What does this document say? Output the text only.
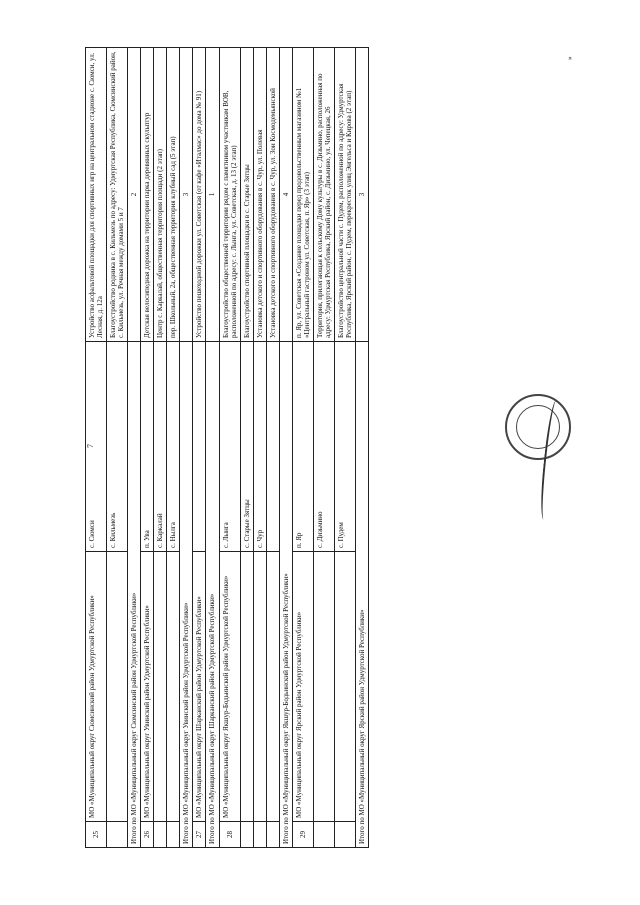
7
»
25	МО «Муниципальный округ Сюмсинский район Удмуртской Республики»	с. Сюмси	Устройство асфальтовой площадки для спортивных игр на центральном стадионе с. Сюмси, ул. Лесная, д. 12а
		с. Кильмезь	Благоустройство родника в с. Кильмезь по адресу: Удмуртская Республика, Сюмсинский район, с. Кильмезь, ул. Речная между домами 5 и 7
Итого по МО «Муниципальный округ Сюмсинский район Удмуртской Республики»			2
26	МО «Муниципальный округ Увинский район Удмуртской Республики»	п. Ува	Детская велосипедная дорожка на территории парка деревянных скульптур
		с. Каркалай	Центр с. Каркалай, общественная территория площади (2 этап)
		с. Нылга	пер. Школьный, 2а, общественная территория клубный сад (5 этап)
Итого по МО «Муниципальный округ Увинский район Удмуртской Республики»			3
27	МО «Муниципальный округ Шарканский район Удмуртской Республики»		Устройство пешеходной дорожки ул. Советская (от кафе «Италмас» до дома № 91)
Итого по МО «Муниципальный округ Шарканский район Удмуртской Республики»			1
28	МО «Муниципальный округ Якшур-Бодьинский район Удмуртской Республики»	с. Лынга	Благоустройство общественной территории рядом с памятником участникам ВОВ, расположенной по адресу: с. Лынга, ул. Советская, д. 13 (2 этап)
		с. Старые Зятцы	Благоустройство спортивной площадки в с. Старые Зятцы
		с. Чур	Установка детского и спортивного оборудования в с. Чур, ул. Полевая
			Установка детского и спортивного оборудования в с. Чур, ул. Зои Космодемьянской
Итого по МО «Муниципальный округ Якшур-Бодьинский район Удмуртской Республики»			4
29	МО «Муниципальный округ Ярский район Удмуртской Республики»	п. Яр	п. Яр, ул. Советская «Создание площадки перед продовольственным магазином №1 «Центральный гастроном ул. Советская, п. Яр» (3 этап)
		с. Дизьмино	Территория, прилегающая к сельскому Дому культуры в с. Дизьмино, расположенная по адресу: Удмуртская Республика, Ярский район, с. Дизьмино, ул. Чепецкая, 26
		с. Пудем	Благоустройство центральной части с. Пудем, расположенной по адресу: Удмуртская Республика, Ярский район, с. Пудем, перекресток улиц Энгельса и Кирова (2 этап)
Итого по МО «Муниципальный округ Ярский район Удмуртской Республики»			3
